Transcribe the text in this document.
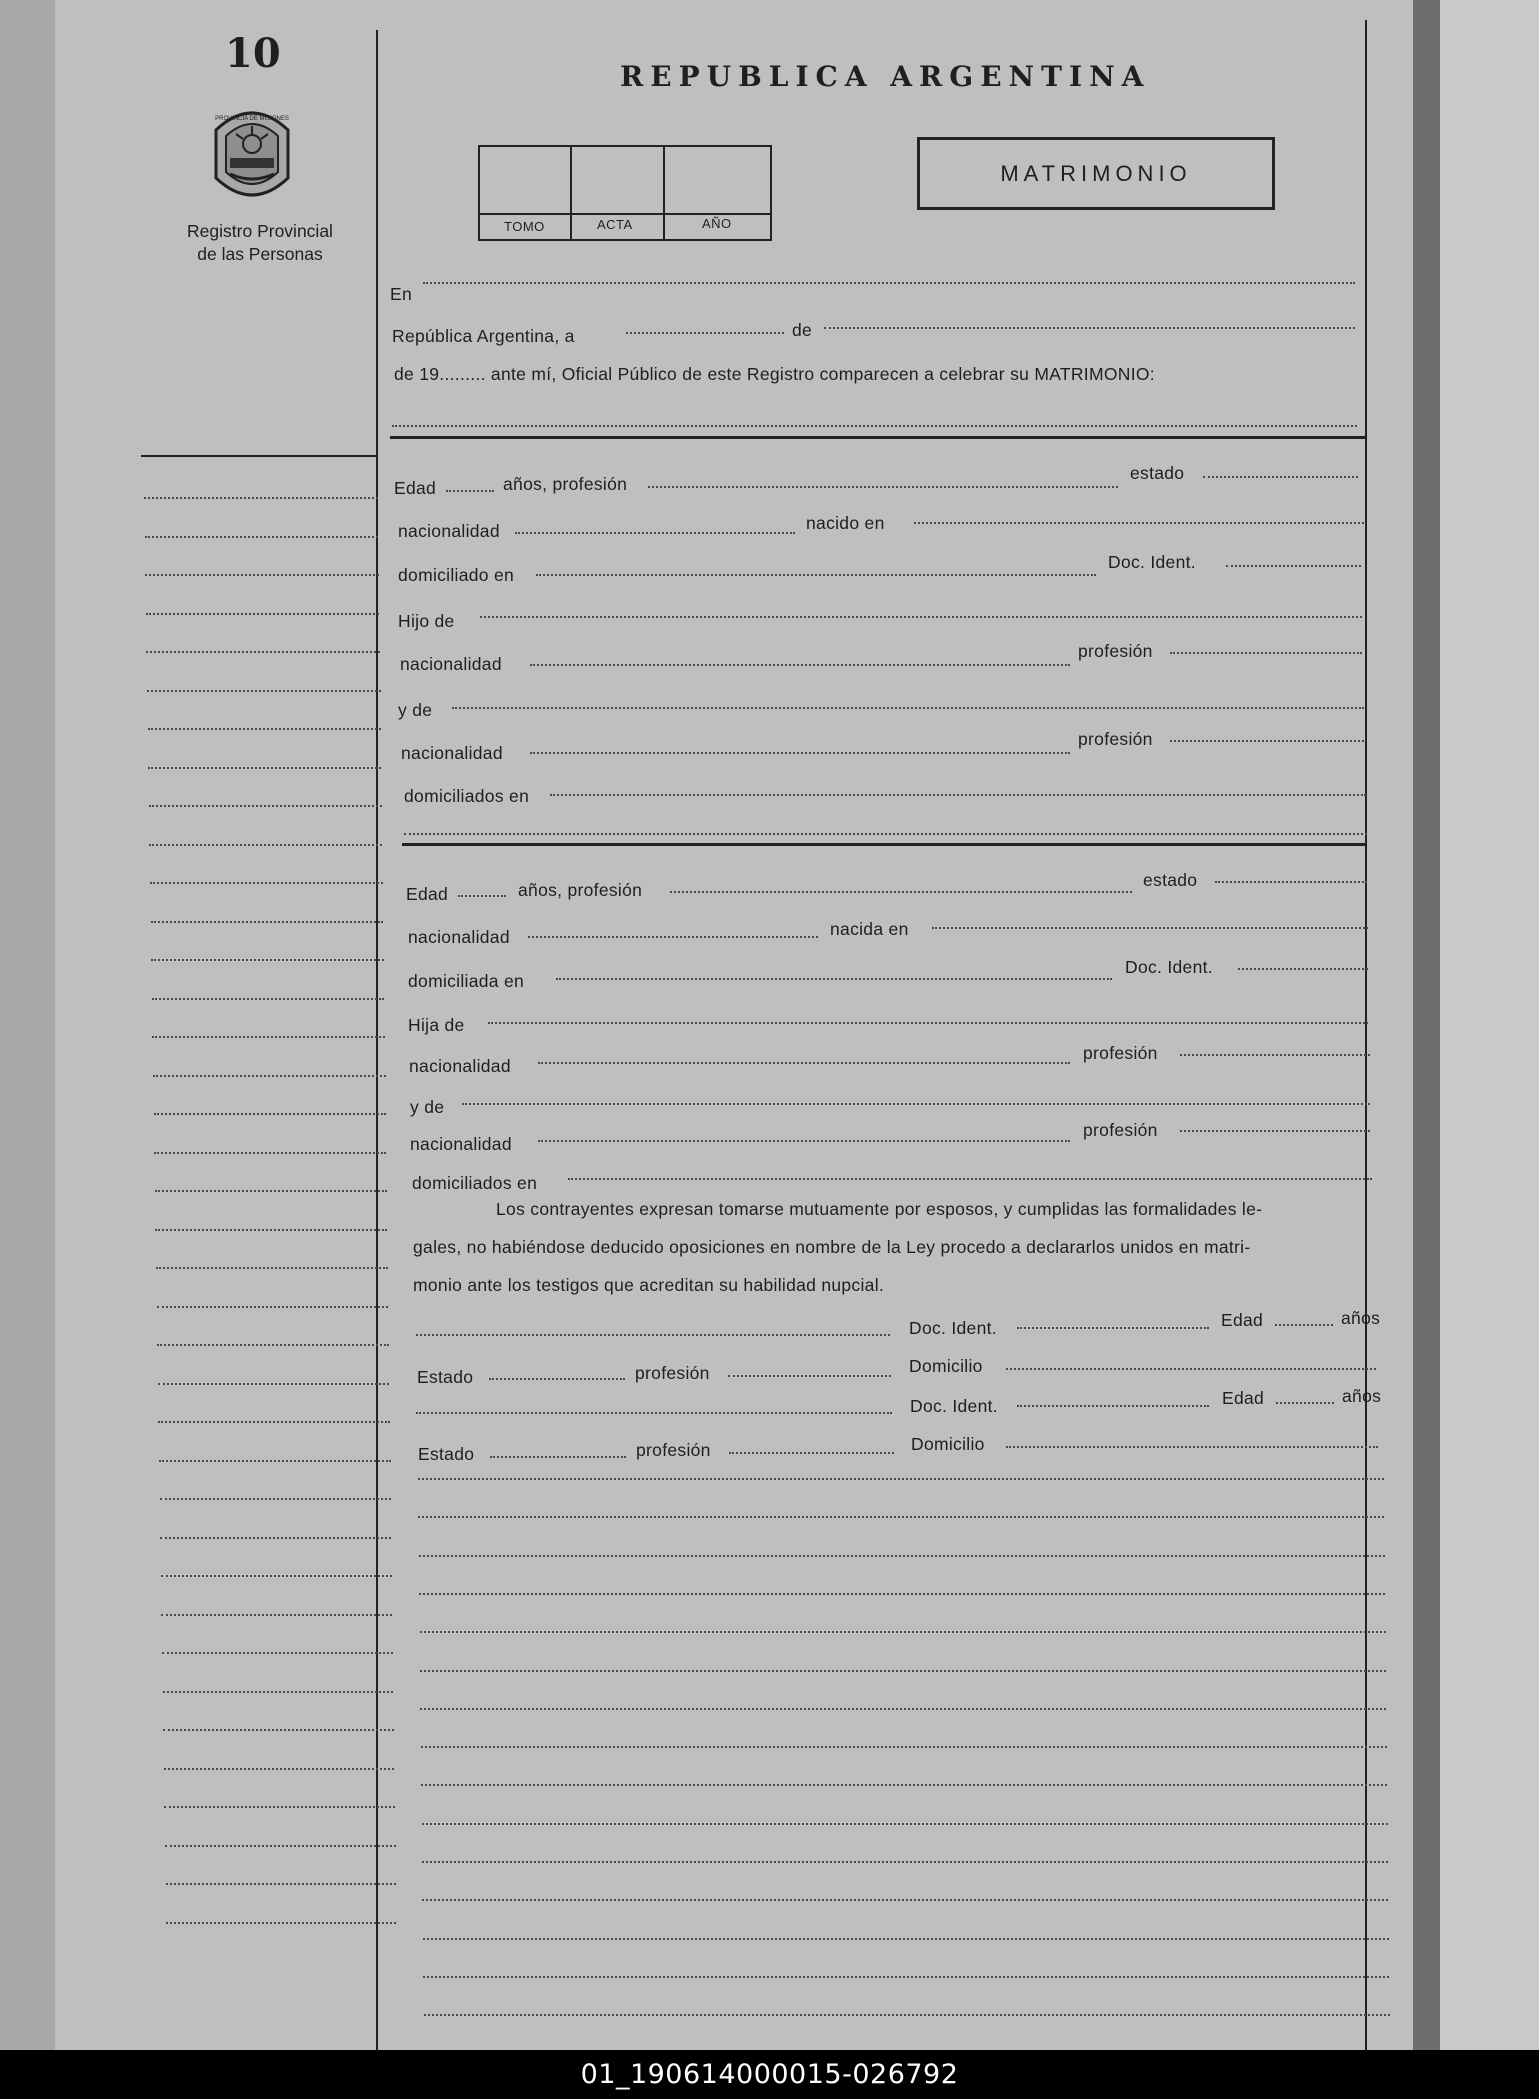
10
PROVINCIA DE MISIONES
Registro Provincial
de las Personas
REPUBLICA ARGENTINA
TOMO	ACTA	AÑO
MATRIMONIO
En
República Argentina, a	de
de 19......... ante mí, Oficial Público de este Registro comparecen a celebrar su MATRIMONIO:
Edad	años, profesión
estado
nacionalidad	nacido en
domiciliado en
Doc. Ident.
Hijo de
nacionalidad
profesión
y de
nacionalidad
profesión
domiciliados en
Edad	años, profesión	estado
nacionalidad	nacida en
domiciliada en
Doc. Ident.
Hija de
nacionalidad
profesión
y de
nacionalidad
profesión
domiciliados en
Los contrayentes expresan tomarse mutuamente por esposos, y cumplidas las formalidades le-
gales, no habiéndose deducido oposiciones en nombre de la Ley procedo a declararlos unidos en matri-
monio ante los testigos que acreditan su habilidad nupcial.
Doc. Ident.	Edad	años
Estado	profesión	Domicilio
Doc. Ident.	Edad	años
Estado	profesión	Domicilio
01_190614000015-026792
